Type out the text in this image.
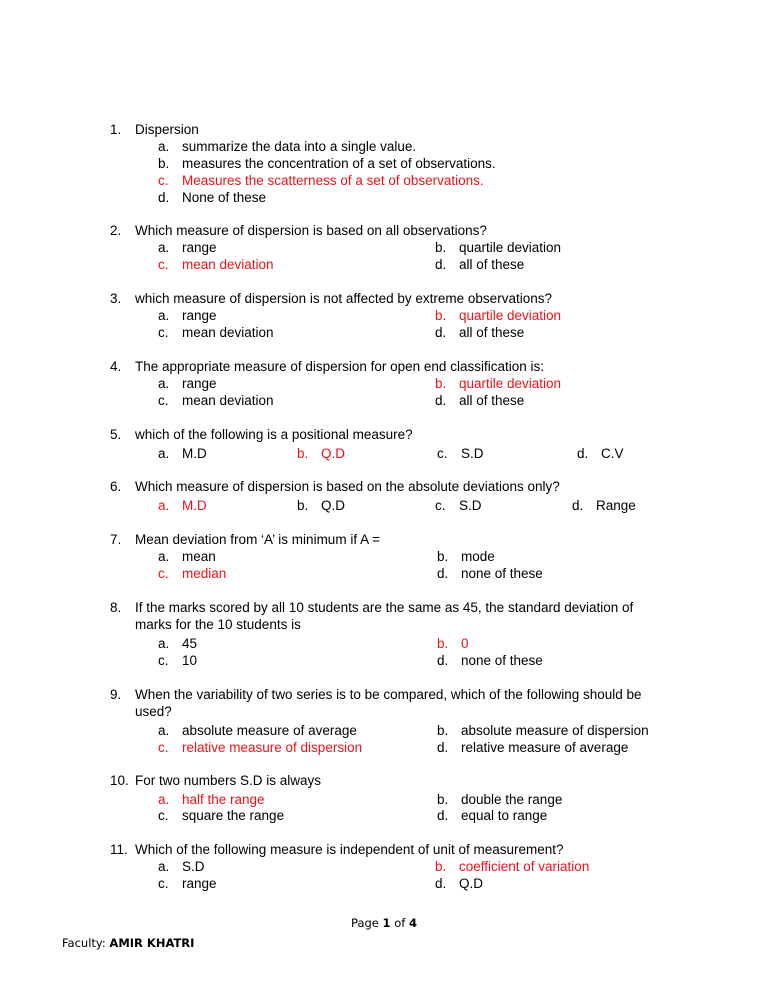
1. Dispersion
a. summarize the data into a single value.
b. measures the concentration of a set of observations.
c. Measures the scatterness of a set of observations.
d. None of these
2. Which measure of dispersion is based on all observations?
a. range	b. quartile deviation
c. mean deviation	d. all of these
3. which measure of dispersion is not affected by extreme observations?
a. range	b. quartile deviation
c. mean deviation	d. all of these
4. The appropriate measure of dispersion for open end classification is:
a. range	b. quartile deviation
c. mean deviation	d. all of these
5. which of the following is a positional measure?
a. M.D	b. Q.D	c. S.D	d. C.V
6. Which measure of dispersion is based on the absolute deviations only?
a. M.D	b. Q.D	c. S.D	d. Range
7. Mean deviation from ‘A’ is minimum if A =
a. mean	b. mode
c. median	d. none of these
8. If the marks scored by all 10 students are the same as 45, the standard deviation of marks for the 10 students is
a. 45	b. 0
c. 10	d. none of these
9. When the variability of two series is to be compared, which of the following should be used?
a. absolute measure of average	b. absolute measure of dispersion
c. relative measure of dispersion	d. relative measure of average
10. For two numbers S.D is always
a. half the range	b. double the range
c. square the range	d. equal to range
11. Which of the following measure is independent of unit of measurement?
a. S.D	b. coefficient of variation
c. range	d. Q.D
Page 1 of 4
Faculty: AMIR KHATRI
